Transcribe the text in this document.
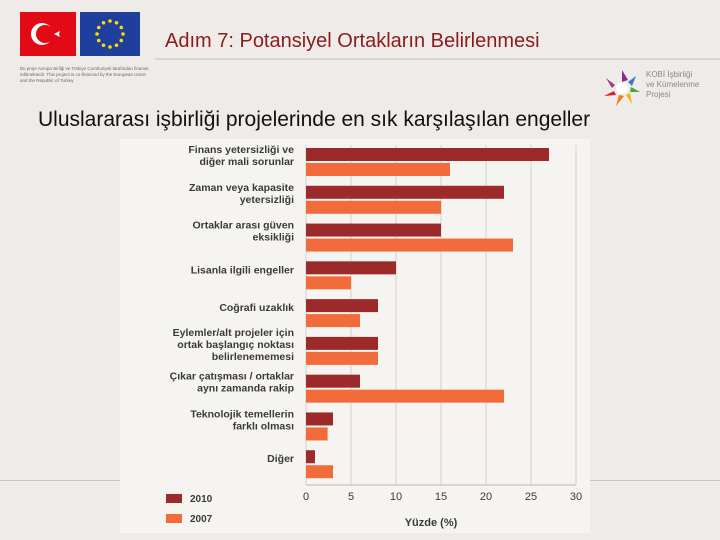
Bu proje Avrupa Birliği ve Türkiye Cumhuriyeti tarafından finanse edilmektedir. This project is co-financed by the European Union and the Republic of Turkey
Adım 7: Potansiyel Ortakların Belirlenmesi
KOBİ İşbirliği
ve Kümelenme
Projesi
Uluslararası işbirliği projelerinde en sık karşılaşılan engeller
Finans yetersizliği ve diğer mali sorunlar
Zaman veya kapasite yetersizliği
Ortaklar arası güven eksikliği
Lisanla ilgili engeller
Coğrafi uzaklık
Eylemler/alt projeler için ortak başlangıç noktası belirlenememesi
Çıkar çatışması / ortaklar aynı zamanda rakip
Teknolojik temellerin farklı olması
Diğer
0	5	10	15	20	25	30
Yüzde (%)
2010
2007
